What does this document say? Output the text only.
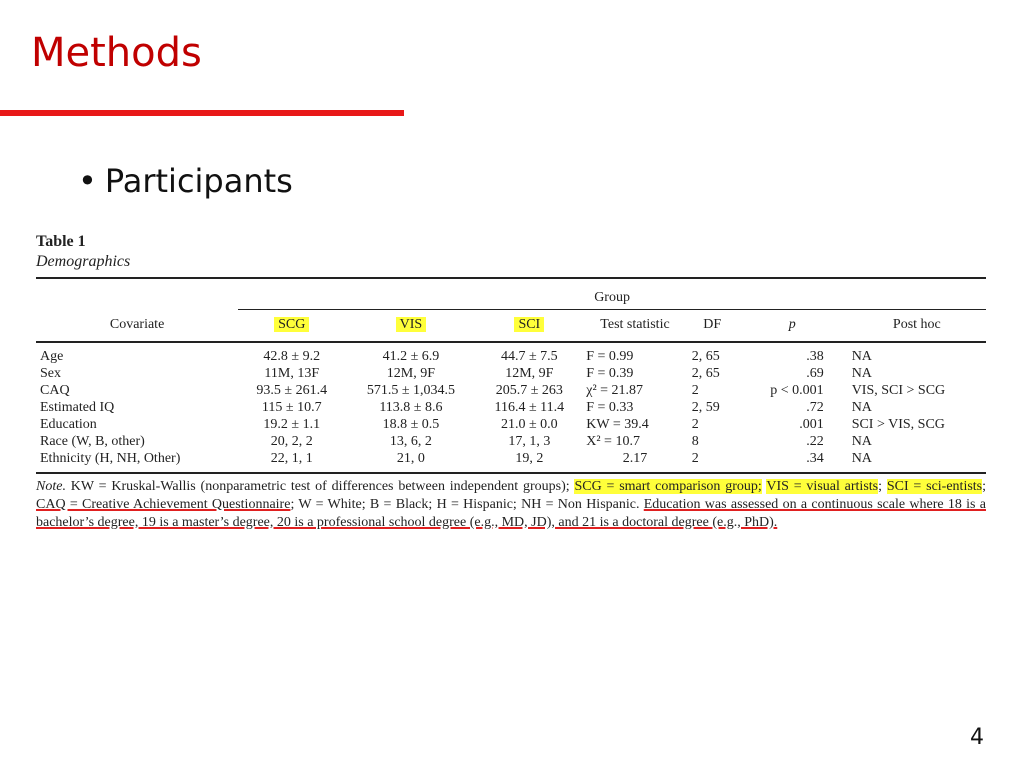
Methods
• Participants
Table 1
Demographics

	Group						
Covariate	SCG	VIS	SCI	Test statistic	DF	p	Post hoc
Age	42.8 ± 9.2	41.2 ± 6.9	44.7 ± 7.5	F = 0.99	2, 65	.38	NA
Sex	11M, 13F	12M, 9F	12M, 9F	F = 0.39	2, 65	.69	NA
CAQ	93.5 ± 261.4	571.5 ± 1,034.5	205.7 ± 263	χ² = 21.87	2	p < 0.001	VIS, SCI > SCG
Estimated IQ	115 ± 10.7	113.8 ± 8.6	116.4 ± 11.4	F = 0.33	2, 59	.72	NA
Education	19.2 ± 1.1	18.8 ± 0.5	21.0 ± 0.0	KW = 39.4	2	.001	SCI > VIS, SCG
Race (W, B, other)	20, 2, 2	13, 6, 2	17, 1, 3	X² = 10.7	8	.22	NA
Ethnicity (H, NH, Other)	22, 1, 1	21, 0	19, 2	2.17	2	.34	NA
Note. KW = Kruskal-Wallis (nonparametric test of differences between independent groups); SCG = smart comparison group; VIS = visual artists; SCI = sci-entists; CAQ = Creative Achievement Questionnaire; W = White; B = Black; H = Hispanic; NH = Non Hispanic. Education was assessed on a continuous scale where 18 is a bachelor’s degree, 19 is a master’s degree, 20 is a professional school degree (e.g., MD, JD), and 21 is a doctoral degree (e.g., PhD).
4
